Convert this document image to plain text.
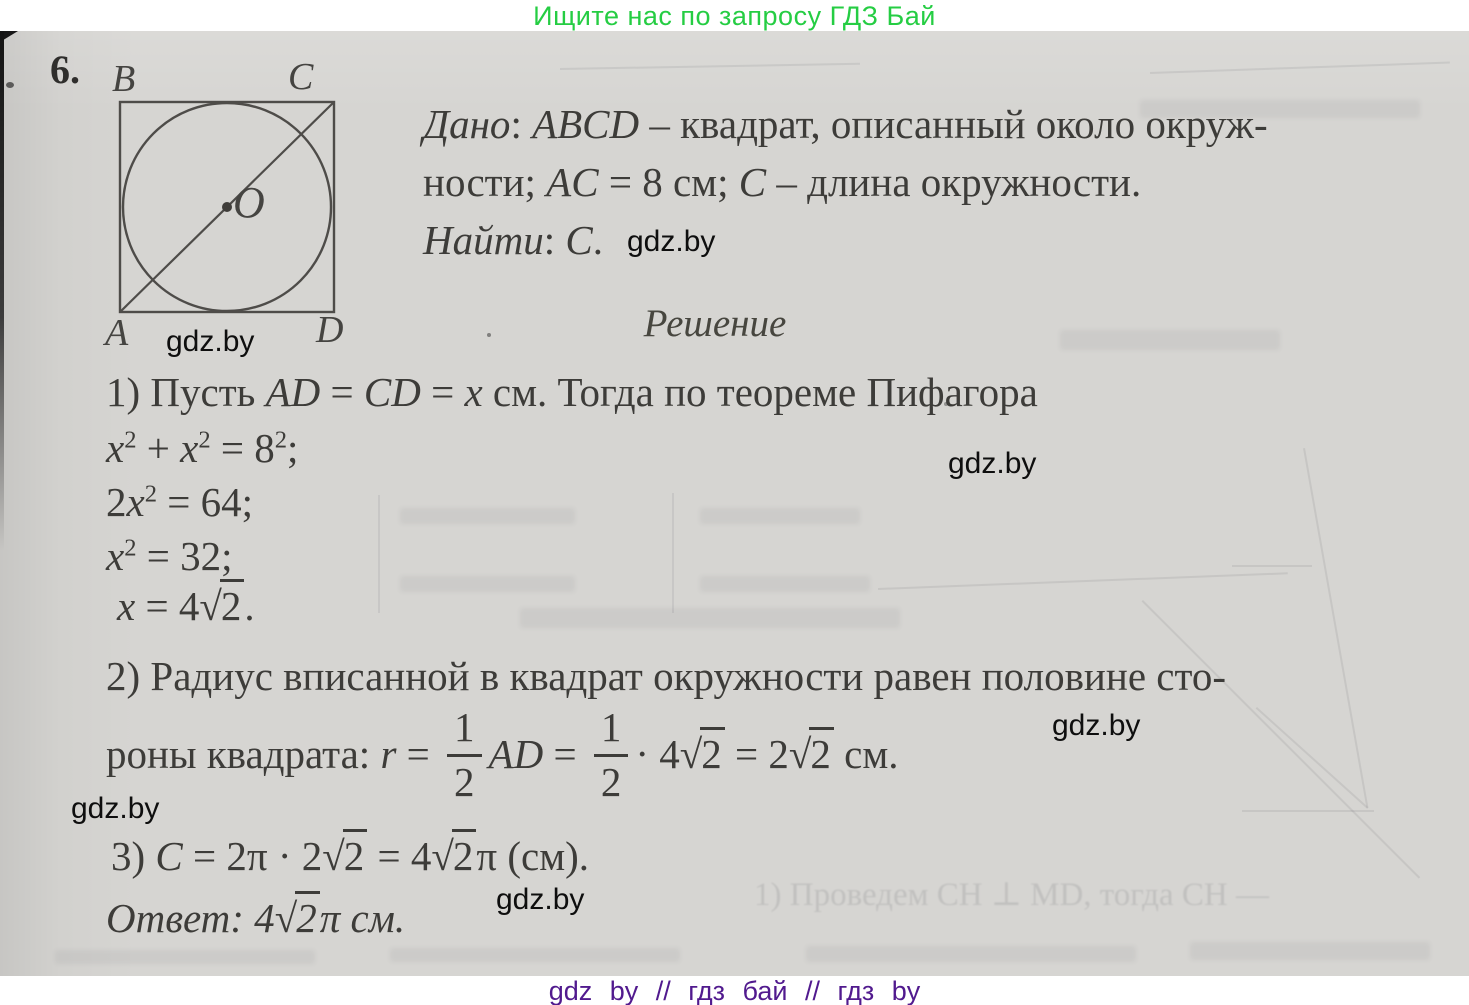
Ищите нас по запросу ГДЗ Бай
1) Проведем СН ⊥ MD, тогда СН —
6. B	C
A	D
O
Дано: ABCD – квадрат, описанный около окруж-
ности; AC = 8 см; C – длина окружности.
Найти: C.
Решение
1) Пусть AD = CD = x см. Тогда по теореме Пифагора
$x^2 + x^2 = 8^2$;
$2x^2 = 64$;
$x^2 = 32$;
x = 4√2.
2) Радиус вписанной в квадрат окружности равен половине сто-
роны квадрата: $r = \frac{1}{2}$ AD = $\frac{1}{2} \cdot 4√2 = 2√2$ см.
3) C = 2π · 2√2 = 4√2π (см).
Ответ: 4√2π см.
gdz.by
gdz.by
gdz.by
gdz.by
gdz.by
gdz.by
gdz by // гдз бай // гдз by
